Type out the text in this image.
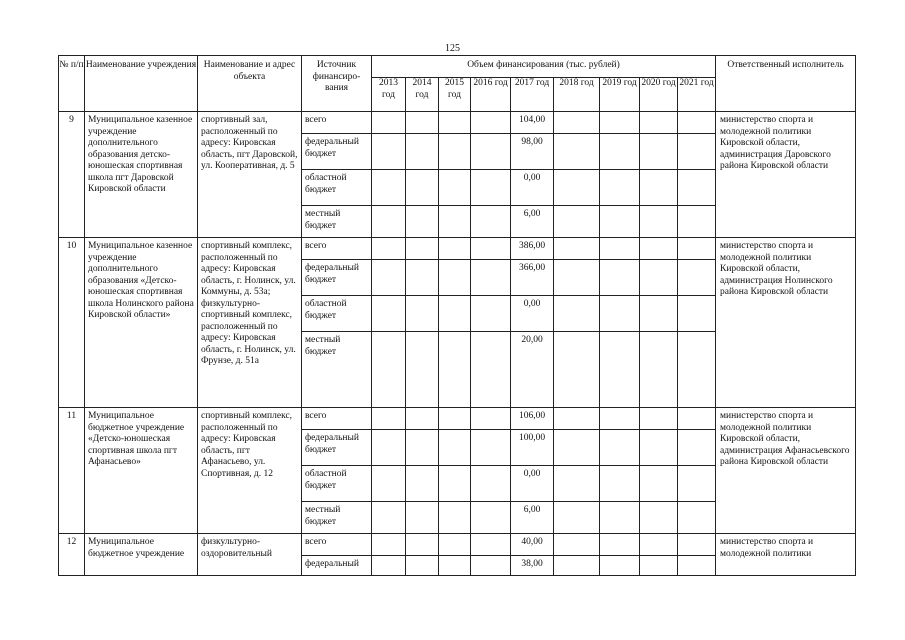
125
№ п/п	Наименование учреждения	Наименование и адрес объекта	Источник финансиро-вания	Объем финансирования (тыс. рублей)									Ответственный исполнитель
				2013 год	2014 год	2015 год	2016 год	2017 год	2018 год	2019 год	2020 год	2021 год	
9	Муниципальное казенное учреждение дополнительного образования детско-юношеская спортивная школа пгт Даровской Кировской области	спортивный зал, расположенный по адресу: Кировская область, пгт Даровской, ул. Кооперативная, д. 5	всего					104,00					министерство спорта и молодежной политики Кировской области, администрация Даровского района Кировской области
			федеральный бюджет					98,00					
			областной бюджет					0,00					
			местный бюджет					6,00					
10	Муниципальное казенное учреждение дополнительного образования «Детско-юношеская спортивная школа Нолинского района Кировской области»	спортивный комплекс, расположенный по адресу: Кировская область, г. Нолинск, ул. Коммуны, д. 53а; физкультурно-спортивный комплекс, расположенный по адресу: Кировская область, г. Нолинск, ул. Фрунзе, д. 51а	всего					386,00					министерство спорта и молодежной политики Кировской области, администрация Нолинского района Кировской области
			федеральный бюджет					366,00					
			областной бюджет					0,00					
			местный бюджет					20,00					
11	Муниципальное бюджетное учреждение «Детско-юношеская спортивная школа пгт Афанасьево»	спортивный комплекс, расположенный по адресу: Кировская область, пгт Афанасьево, ул. Спортивная, д. 12	всего					106,00					министерство спорта и молодежной политики Кировской области, администрация Афанасьевского района Кировской области
			федеральный бюджет					100,00					
			областной бюджет					0,00					
			местный бюджет					6,00					
12	Муниципальное бюджетное учреждение	физкультурно-оздоровительный	всего					40,00					министерство спорта и молодежной политики
			федеральный					38,00					
